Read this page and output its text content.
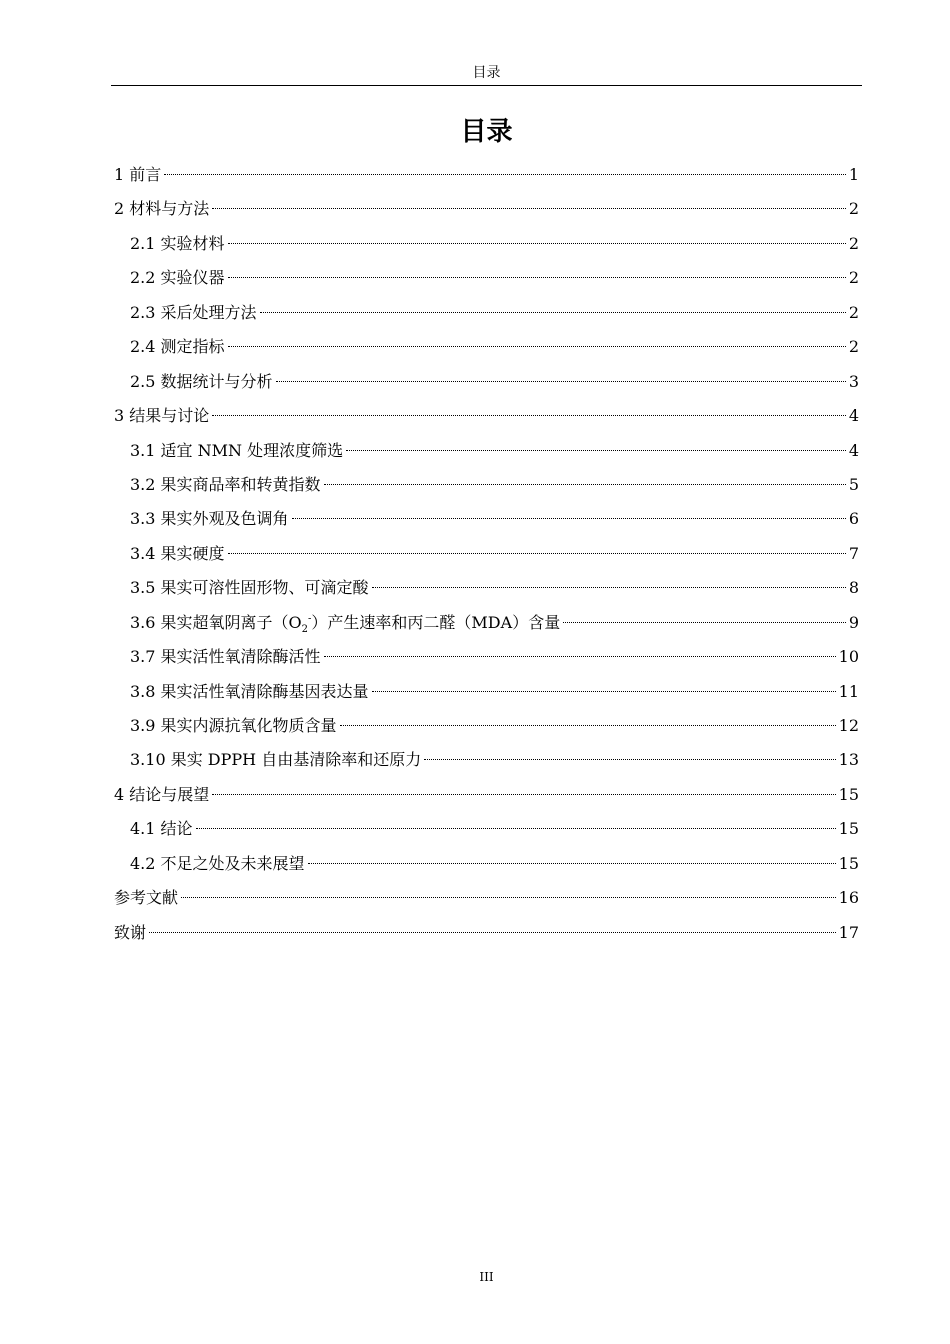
目录
目录
1 前言	1
2 材料与方法	2
2.1 实验材料	2
2.2 实验仪器	2
2.3 采后处理方法	2
2.4 测定指标	2
2.5 数据统计与分析	3
3 结果与讨论	4
3.1 适宜 NMN 处理浓度筛选	4
3.2 果实商品率和转黄指数	5
3.3 果实外观及色调角	6
3.4 果实硬度	7
3.5 果实可溶性固形物、可滴定酸	8
3.6 果实超氧阴离子$(O_2^-)$产生速率和丙二醛（MDA）含量	9
3.7 果实活性氧清除酶活性	10
3.8 果实活性氧清除酶基因表达量	11
3.9 果实内源抗氧化物质含量	12
3.10 果实 DPPH 自由基清除率和还原力	13
4 结论与展望	15
4.1 结论	15
4.2 不足之处及未来展望	15
参考文献	16
致谢	17
III
